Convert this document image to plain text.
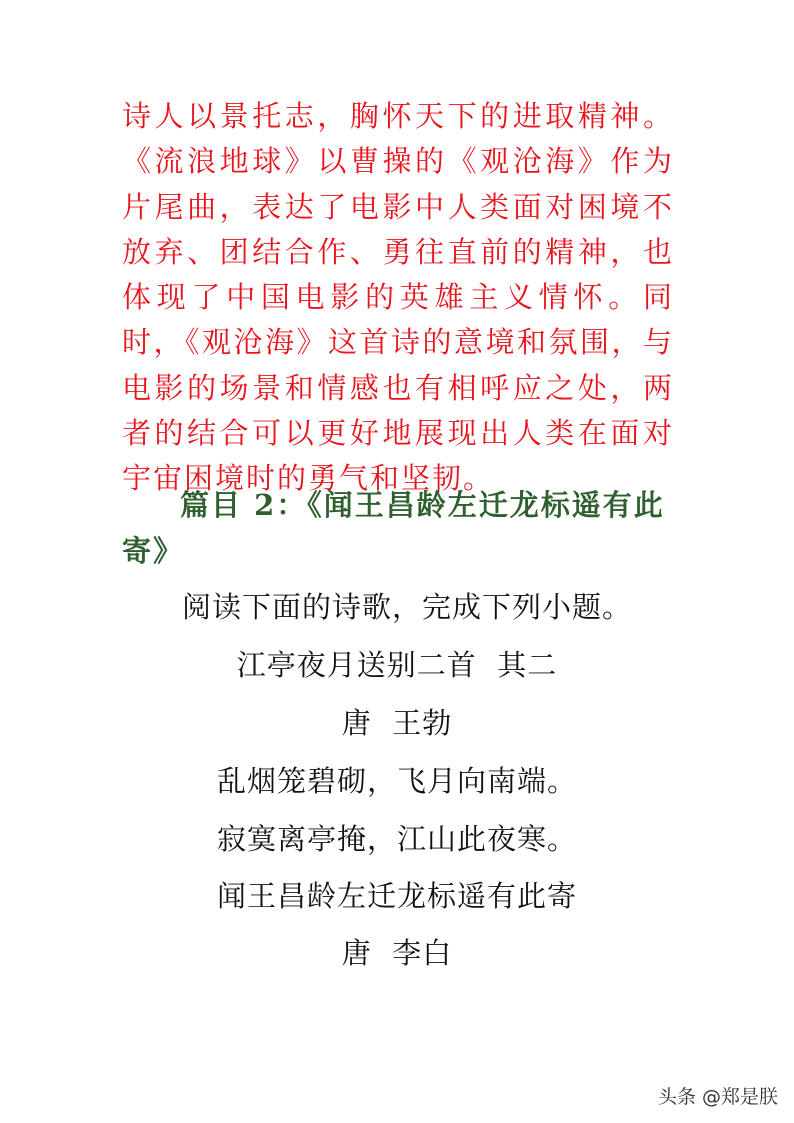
诗人以景托志，胸怀天下的进取精神。《流浪地球》以曹操的《观沧海》作为片尾曲，表达了电影中人类面对困境不放弃、团结合作、勇往直前的精神，也体现了中国电影的英雄主义情怀。同时，《观沧海》这首诗的意境和氛围，与电影的场景和情感也有相呼应之处，两者的结合可以更好地展现出人类在面对宇宙困境时的勇气和坚韧。

篇目 2：《闻王昌龄左迁龙标遥有此寄》

阅读下面的诗歌，完成下列小题。

江亭夜月送别二首  其二

唐  王勃

乱烟笼碧砌，飞月向南端。

寂寞离亭掩，江山此夜寒。

闻王昌龄左迁龙标遥有此寄

唐  李白

头条 @郑是朕
